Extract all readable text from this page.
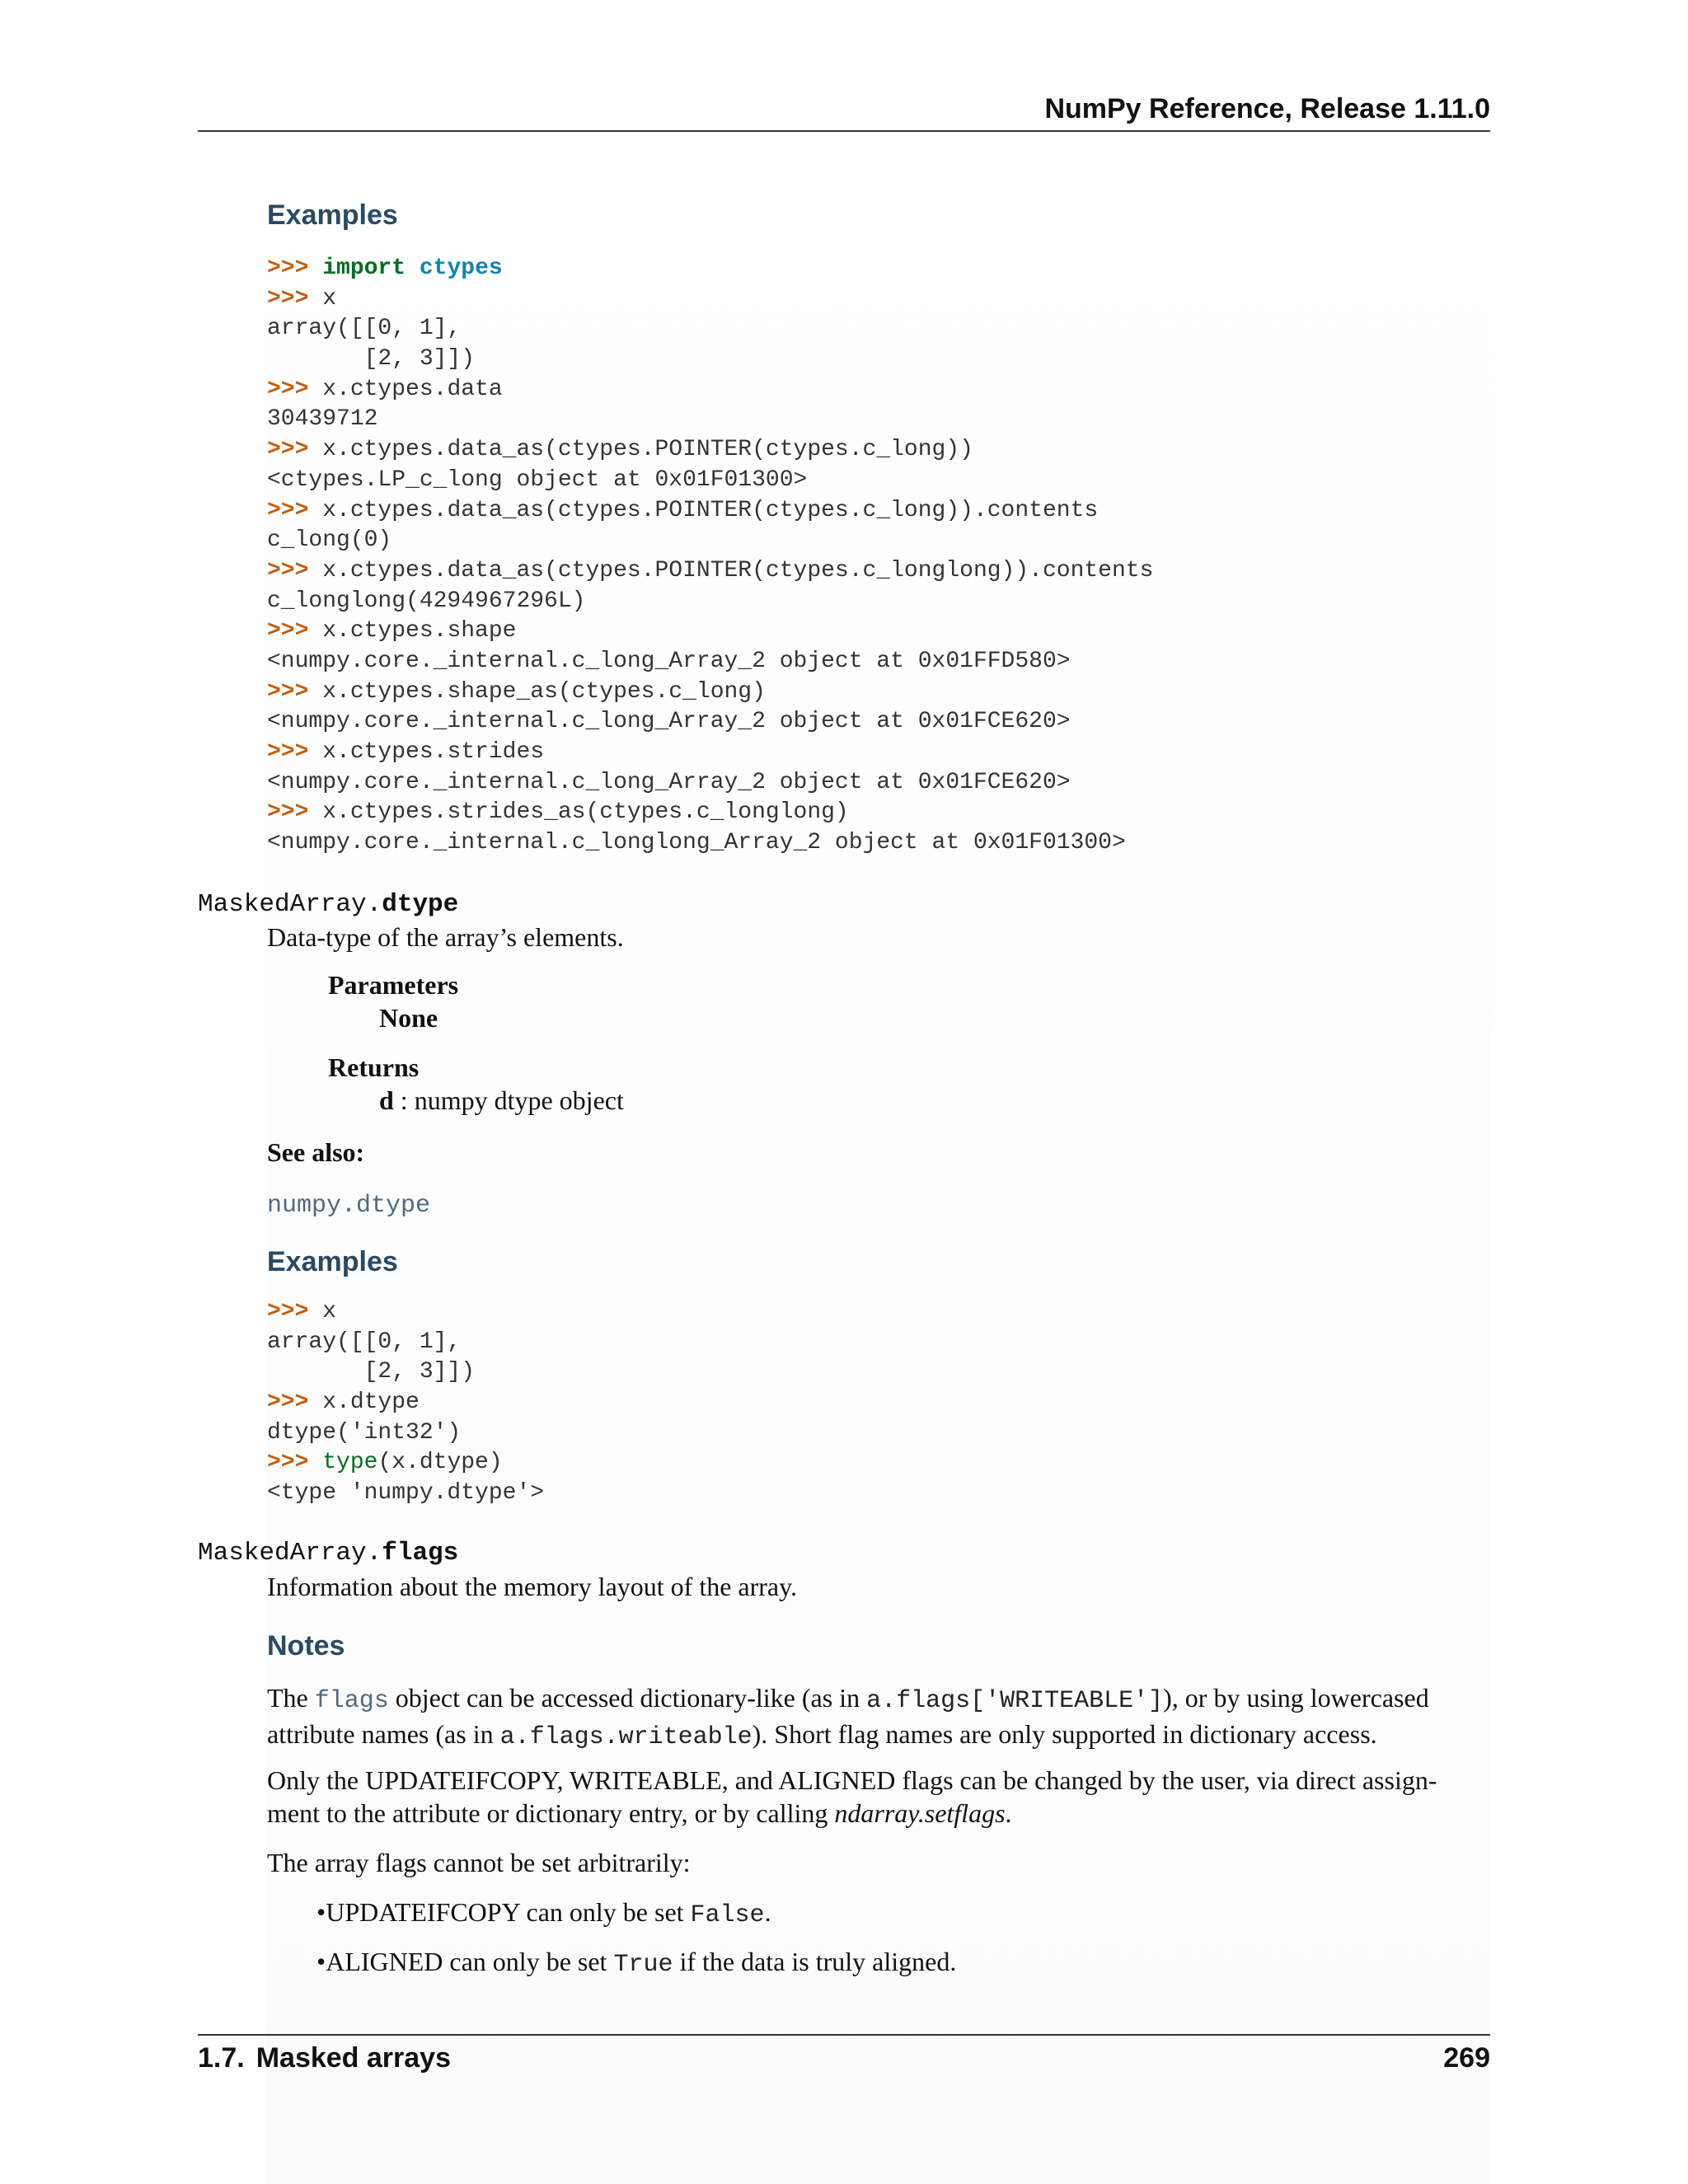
NumPy Reference, Release 1.11.0
Examples
>>> import ctypes
>>> x
array([[0, 1],
[2, 3]])
>>> x.ctypes.data
30439712
>>> x.ctypes.data_as(ctypes.POINTER(ctypes.c_long))
<ctypes.LP_c_long object at 0x01F01300>
>>> x.ctypes.data_as(ctypes.POINTER(ctypes.c_long)).contents
c_long(0)
>>> x.ctypes.data_as(ctypes.POINTER(ctypes.c_longlong)).contents
c_longlong(4294967296L)
>>> x.ctypes.shape
<numpy.core._internal.c_long_Array_2 object at 0x01FFD580>
>>> x.ctypes.shape_as(ctypes.c_long)
<numpy.core._internal.c_long_Array_2 object at 0x01FCE620>
>>> x.ctypes.strides
<numpy.core._internal.c_long_Array_2 object at 0x01FCE620>
>>> x.ctypes.strides_as(ctypes.c_longlong)
<numpy.core._internal.c_longlong_Array_2 object at 0x01F01300>
MaskedArray.dtype
Data-type of the array’s elements.
Parameters
None
Returns
d : numpy dtype object
See also:
numpy.dtype
Examples
>>> x
array([[0, 1],
[2, 3]])
>>> x.dtype
dtype('int32')
>>> type(x.dtype)
<type 'numpy.dtype'>
MaskedArray.flags
Information about the memory layout of the array.
Notes
The flags object can be accessed dictionary-like (as in a.flags['WRITEABLE']), or by using lowercased
attribute names (as in a.flags.writeable). Short flag names are only supported in dictionary access.
Only the UPDATEIFCOPY, WRITEABLE, and ALIGNED flags can be changed by the user, via direct assign-
ment to the attribute or dictionary entry, or by calling ndarray.setflags.
The array flags cannot be set arbitrarily:
•UPDATEIFCOPY can only be set False.
•ALIGNED can only be set True if the data is truly aligned.
1.7. Masked arrays	269
